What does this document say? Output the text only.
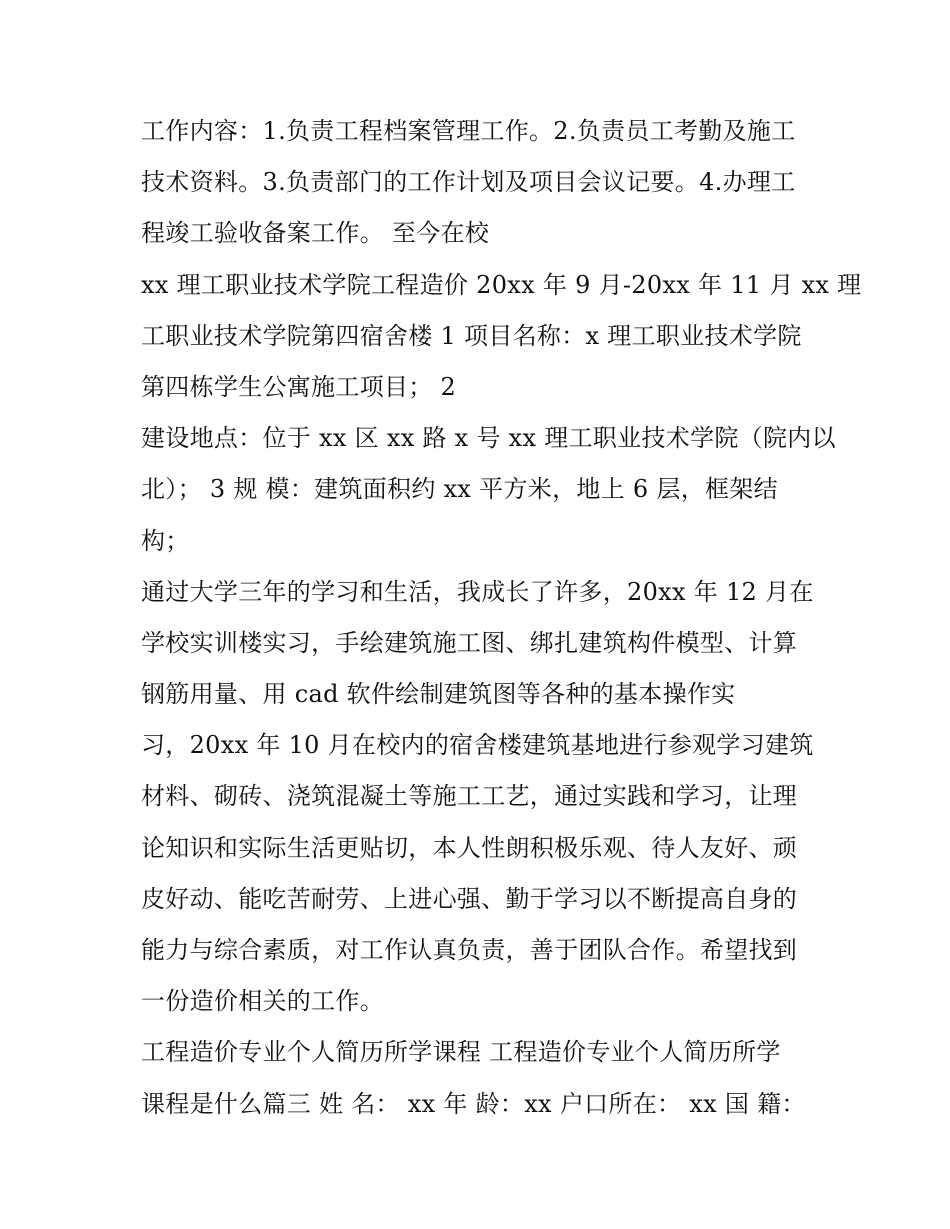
工作内容：1.负责工程档案管理工作。2.负责员工考勤及施工
技术资料。3.负责部门的工作计划及项目会议记要。4.办理工
程竣工验收备案工作。 至今在校
xx 理工职业技术学院工程造价 20xx 年 9 月-20xx 年 11 月 xx 理
工职业技术学院第四宿舍楼 1 项目名称：x 理工职业技术学院
第四栋学生公寓施工项目； 2
建设地点：位于 xx 区 xx 路 x 号 xx 理工职业技术学院（院内以
北）； 3 规 模：建筑面积约 xx 平方米，地上 6 层，框架结
构；
通过大学三年的学习和生活，我成长了许多，20xx 年 12 月在
学校实训楼实习，手绘建筑施工图、绑扎建筑构件模型、计算
钢筋用量、用 cad 软件绘制建筑图等各种的基本操作实
习，20xx 年 10 月在校内的宿舍楼建筑基地进行参观学习建筑
材料、砌砖、浇筑混凝土等施工工艺，通过实践和学习，让理
论知识和实际生活更贴切，本人性朗积极乐观、待人友好、顽
皮好动、能吃苦耐劳、上进心强、勤于学习以不断提高自身的
能力与综合素质，对工作认真负责，善于团队合作。希望找到
一份造价相关的工作。
工程造价专业个人简历所学课程 工程造价专业个人简历所学
课程是什么篇三 姓 名： xx 年 龄：xx 户口所在： xx 国 籍：
